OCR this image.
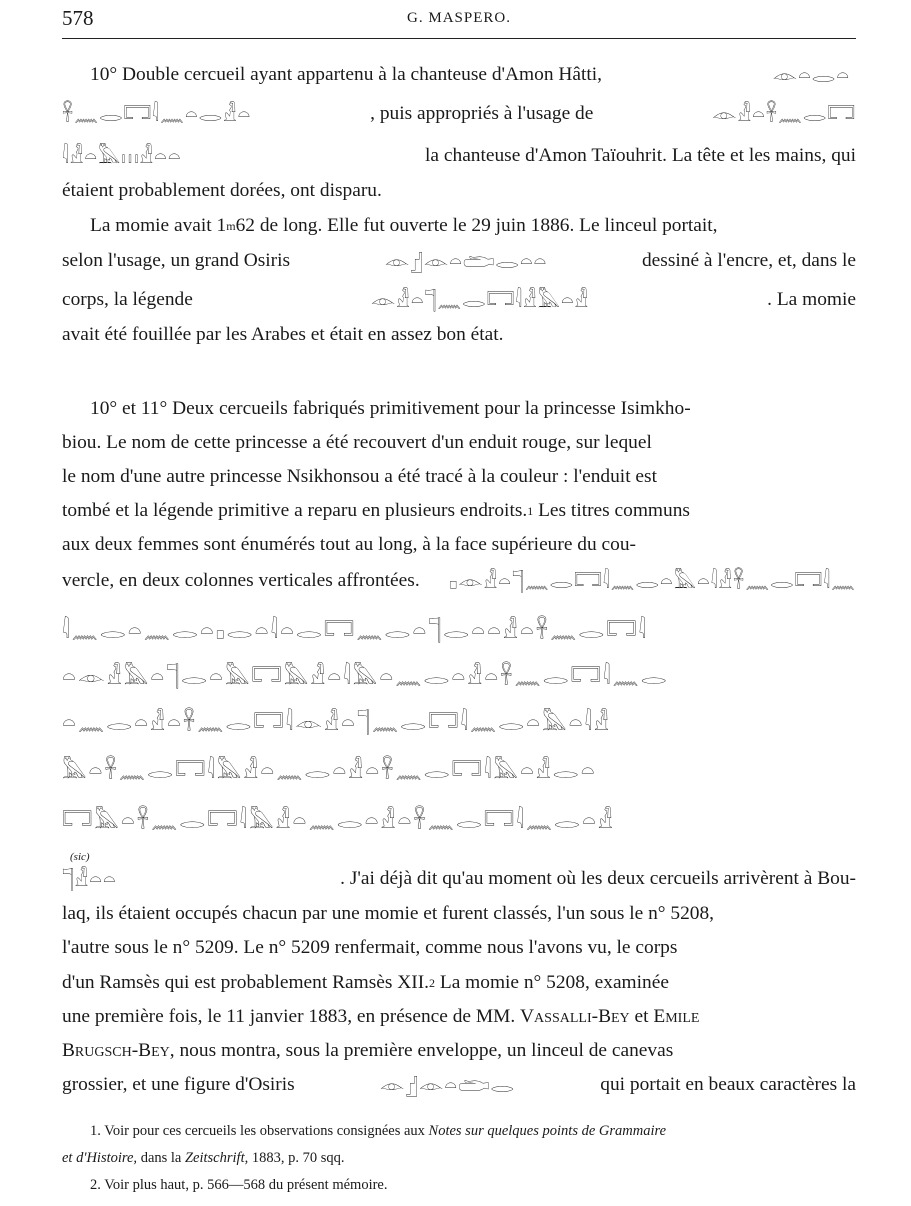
578	G. MASPERO.
10° Double cercueil ayant appartenu à la chanteuse d'Amon Hâtti,	𓁹𓏏𓂋𓏏
𓋹𓈖𓂋𓉐𓇋𓈖𓏏𓂋𓁐𓏏	, puis appropriés à l'usage de	𓁹𓁐𓏏𓋹𓈖𓂋𓉐
𓇋𓁐𓏏𓅓𓏥𓁐𓏏𓏏	la chanteuse d'Amon Taïouhrit. La tête et les mains, qui
étaient probablement dorées, ont disparu.
La momie avait 1 m 62 de long. Elle fut ouverte le 29 juin 1886. Le linceul portait,
selon l'usage, un grand Osiris	𓁹𓊨𓁹𓏏𓂧𓂋𓏏𓏏	dessiné à l'encre, et, dans le
corps, la légende	𓁹𓁐𓏏𓊹𓈖𓂋𓉐𓇋𓁐𓅓𓏏𓁐	. La momie
avait été fouillée par les Arabes et était en assez bon état.
10° et 11° Deux cercueils fabriqués primitivement pour la princesse Isimkho-
biou. Le nom de cette princesse a été recouvert d'un enduit rouge, sur lequel
le nom d'une autre princesse Nsikhonsou a été tracé à la couleur : l'enduit est
tombé et la légende primitive a reparu en plusieurs endroits. 1 Les titres communs
aux deux femmes sont énumérés tout au long, à la face supérieure du cou-
vercle, en deux colonnes verticales affrontées. 𓊪𓁹𓁐𓏏𓊹𓈖𓂋𓉐𓇋𓈖𓂋𓏏𓅓𓏏𓇋𓁐𓋹𓈖𓂋𓉐𓇋𓈖
𓇋𓈖𓂋𓏏𓈖𓂋𓏏𓊪𓂋𓏏𓇋𓏏𓂋𓉐𓈖𓂋𓏏𓊹𓂋𓏏𓏏𓁐𓏏𓋹𓈖𓂋𓉐𓇋
𓏏𓁹𓁐𓅓𓏏𓊹𓂋𓏏𓅓𓉐𓅓𓁐𓏏𓇋𓅓𓏏𓈖𓂋𓏏𓁐𓏏𓋹𓈖𓂋𓉐𓇋𓈖𓂋
𓏏𓈖𓂋𓏏𓁐𓏏𓋹𓈖𓂋𓉐𓇋𓁹𓁐𓏏𓊹𓈖𓂋𓉐𓇋𓈖𓂋𓏏𓅓𓏏𓇋𓁐
𓅓𓏏𓋹𓈖𓂋𓉐𓇋𓅓𓁐𓏏𓈖𓂋𓏏𓁐𓏏𓋹𓈖𓂋𓉐𓇋𓅓𓏏𓁐𓂋𓏏
𓉐𓅓𓏏𓋹𓈖𓂋𓉐𓇋𓅓𓁐𓏏𓈖𓂋𓏏𓁐𓏏𓋹𓈖𓂋𓉐𓇋𓈖𓂋𓏏𓁐
(sic)
𓊹𓁐𓏏𓏏	. J'ai déjà dit qu'au moment où les deux cercueils arrivèrent à Bou-
laq, ils étaient occupés chacun par une momie et furent classés, l'un sous le n° 5208,
l'autre sous le n° 5209. Le n° 5209 renfermait, comme nous l'avons vu, le corps
d'un Ramsès qui est probablement Ramsès XII. 2 La momie n° 5208, examinée
une première fois, le 11 janvier 1883, en présence de MM. Vassalli-Bey et Emile
Brugsch-Bey , nous montra, sous la première enveloppe, un linceul de canevas
grossier, et une figure d'Osiris	𓁹𓊨𓁹𓏏𓂧𓂋	qui portait en beaux caractères la
1. Voir pour ces cercueils les observations consignées aux Notes sur quelques points de Grammaire
et d'Histoire, dans la Zeitschrift, 1883, p. 70 sqq.
2. Voir plus haut, p. 566—568 du présent mémoire.
